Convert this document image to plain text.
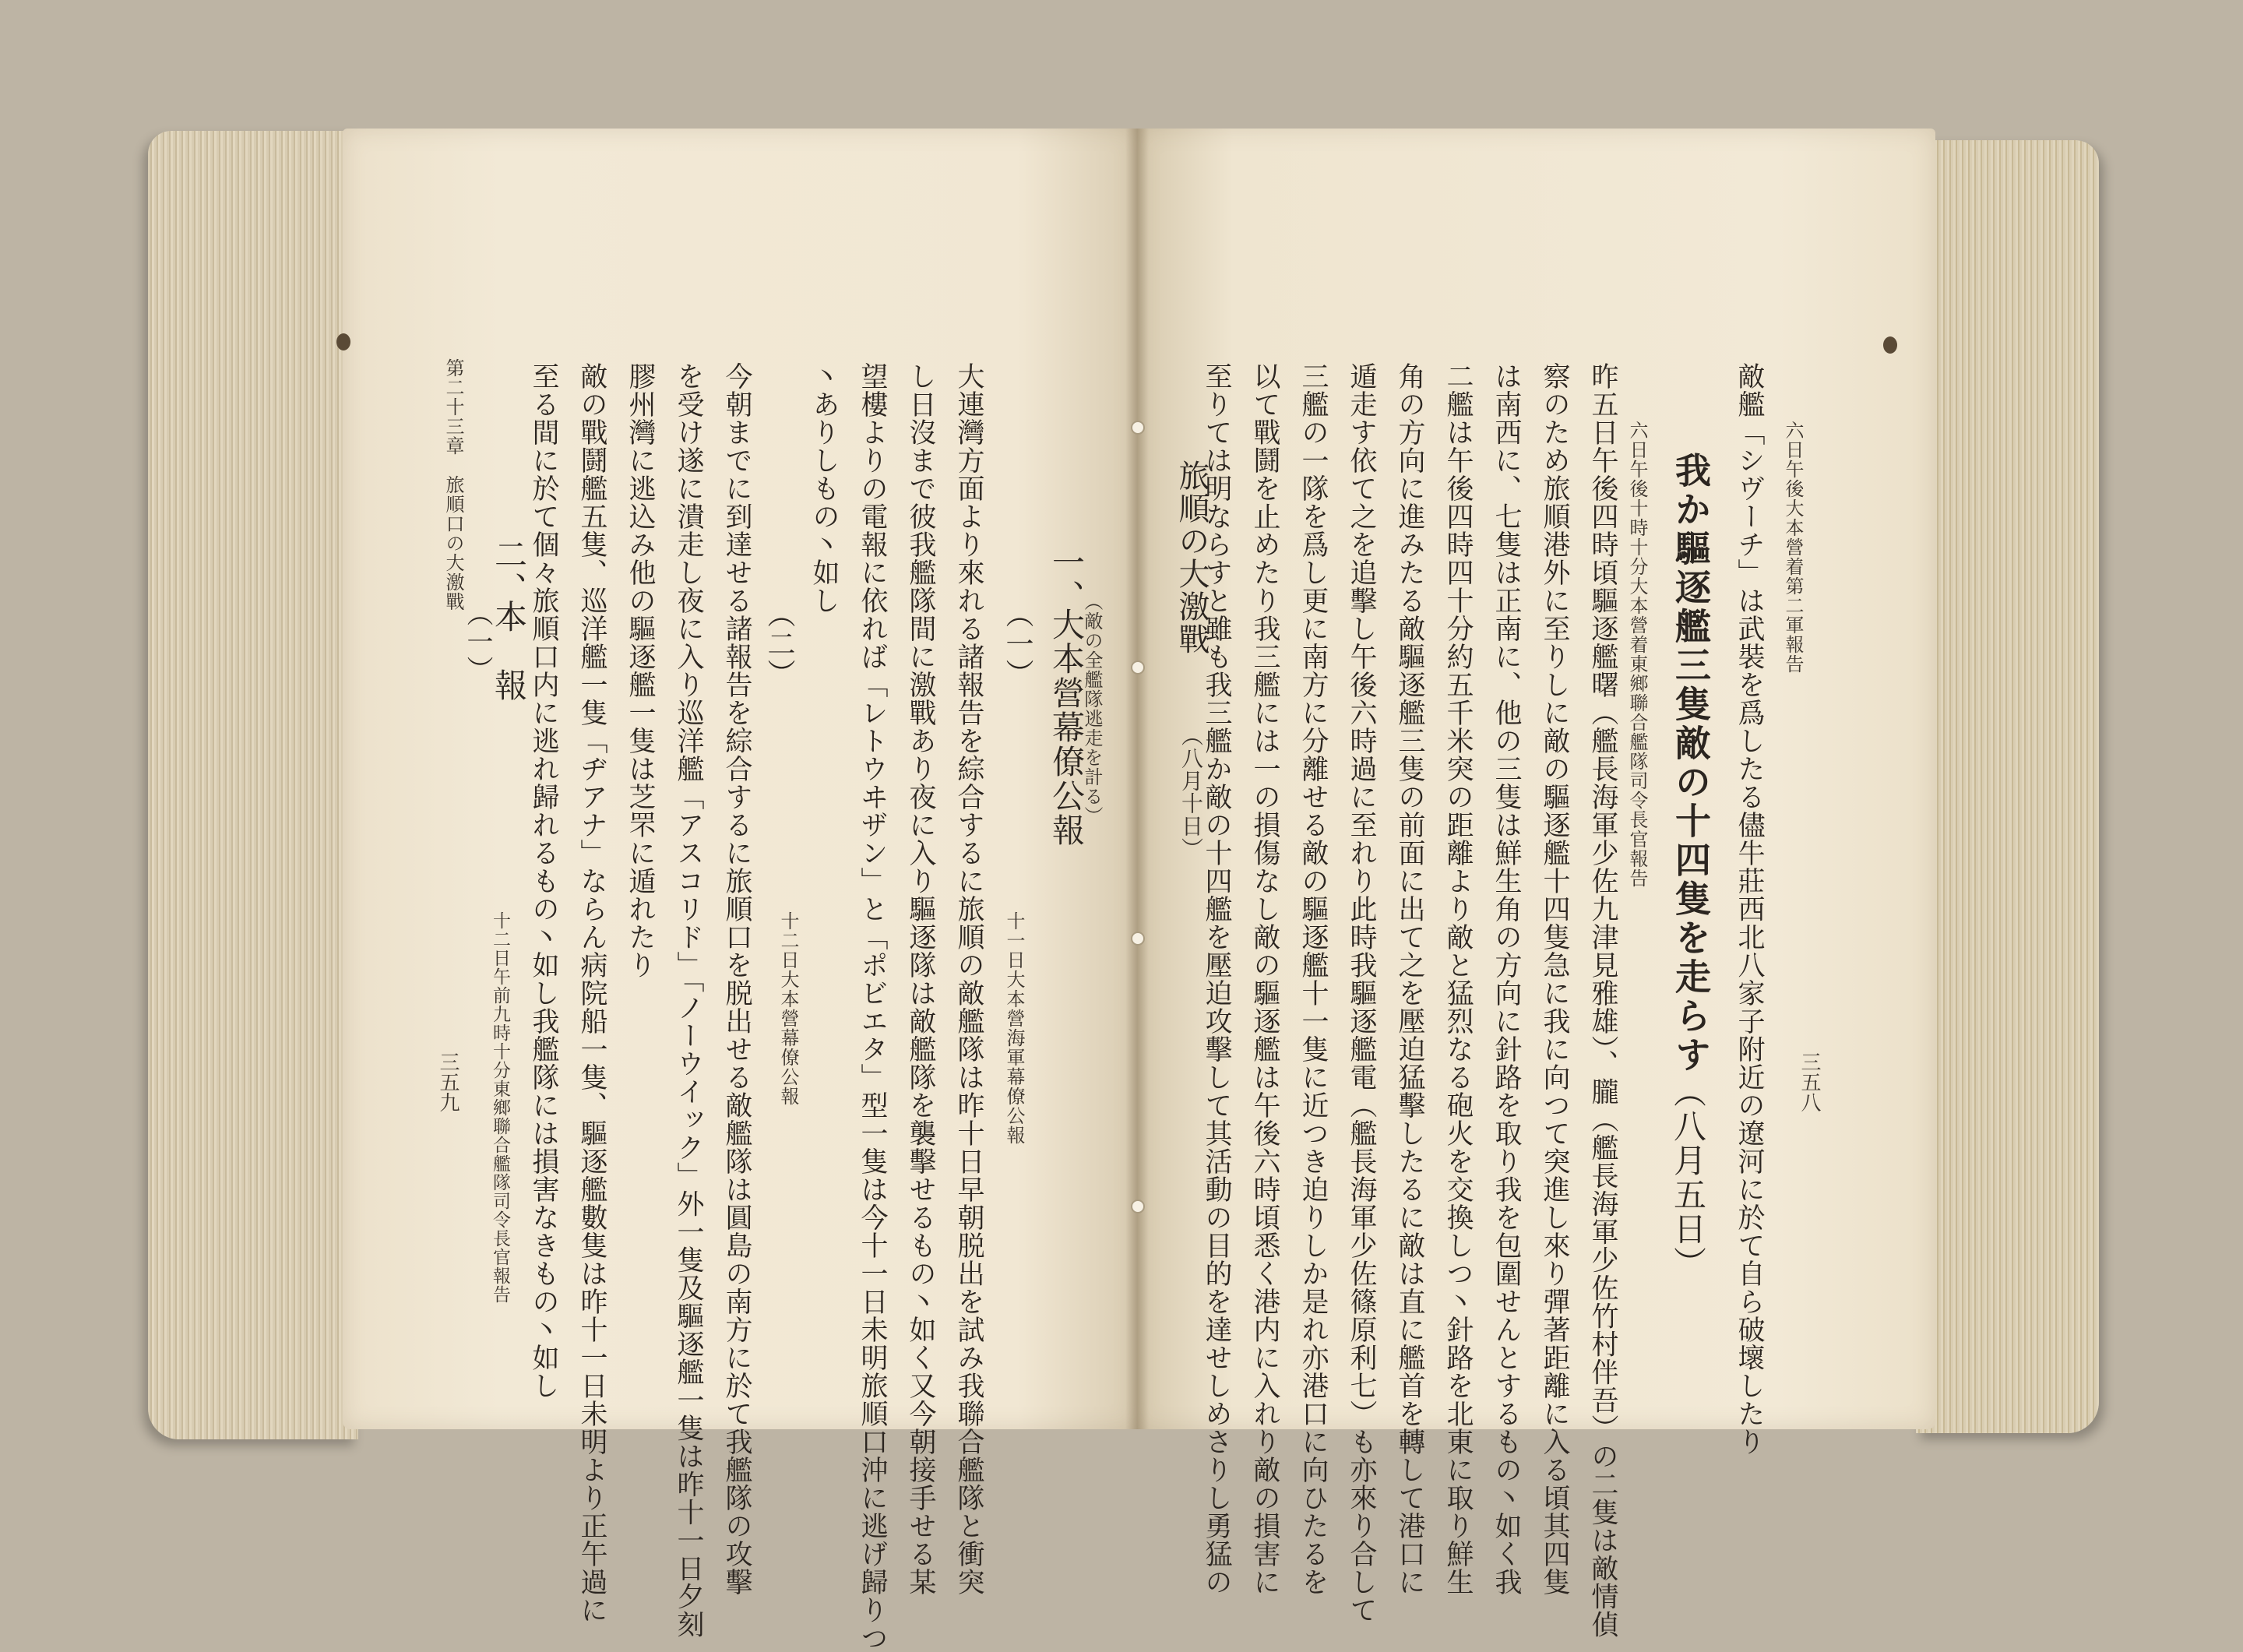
三五八
六日午後大本營着第二軍報告
敵艦「シヴーチ」は武裝を爲したる儘牛莊西北八家子附近の遼河に於て自ら破壞したり
我か驅逐艦三隻敵の十四隻を走らす
（八月五日）
六日午後十時十分大本營着東鄉聯合艦隊司令長官報告
昨五日午後四時頃驅逐艦曙（艦長海軍少佐九津見雅雄）、朧（艦長海軍少佐竹村伴吾）の二隻は敵情偵
察のため旅順港外に至りしに敵の驅逐艦十四隻急に我に向つて突進し來り彈著距離に入る頃其四隻
は南西に、七隻は正南に、他の三隻は鮮生角の方向に針路を取り我を包圍せんとするもの丶如く我
二艦は午後四時四十分約五千米突の距離より敵と猛烈なる砲火を交換しつ丶針路を北東に取り鮮生
角の方向に進みたる敵驅逐艦三隻の前面に出て之を壓迫猛擊したるに敵は直に艦首を轉して港口に
遁走す依て之を追擊し午後六時過に至れり此時我驅逐艦電（艦長海軍少佐篠原利七）も亦來り合して
三艦の一隊を爲し更に南方に分離せる敵の驅逐艦十一隻に近つき迫りしか是れ亦港口に向ひたるを
以て戰鬪を止めたり我三艦には一の損傷なし敵の驅逐艦は午後六時頃悉く港内に入れり敵の損害に
至りては明ならすと雖も我三艦か敵の十四艦を壓迫攻擊して其活動の目的を達せしめさりし勇猛の
旅順の大激戰
（八月十日）
（敵の全艦隊逃走を計る）
一、
大本營幕僚公報
（一）
十一日大本營海軍幕僚公報
大連灣方面より來れる諸報告を綜合するに旅順の敵艦隊は昨十日早朝脱出を試み我聯合艦隊と衝突
し日沒まで彼我艦隊間に激戰あり夜に入り驅逐隊は敵艦隊を襲擊せるもの丶如く又今朝接手せる某
望樓よりの電報に依れば「レトウヰザン」と「ポビエタ」型一隻は今十一日未明旅順口沖に逃げ歸りつ
丶ありしもの丶如し
（二）
十二日大本營幕僚公報
今朝までに到達せる諸報告を綜合するに旅順口を脱出せる敵艦隊は圓島の南方に於て我艦隊の攻擊
を受け遂に潰走し夜に入り巡洋艦「アスコリド」「ノーウイック」外一隻及驅逐艦一隻は昨十一日夕刻
膠州灣に逃込み他の驅逐艦一隻は芝罘に遁れたり
敵の戰鬪艦五隻、巡洋艦一隻「ヂアナ」ならん病院船一隻、驅逐艦數隻は昨十一日未明より正午過に
至る間に於て個々旅順口内に逃れ歸れるもの丶如し我艦隊には損害なきもの丶如し
二、
本　報
第二十三章　旅順口の大激戰
（一）
十二日午前九時十分東鄉聯合艦隊司令長官報告
三五九
